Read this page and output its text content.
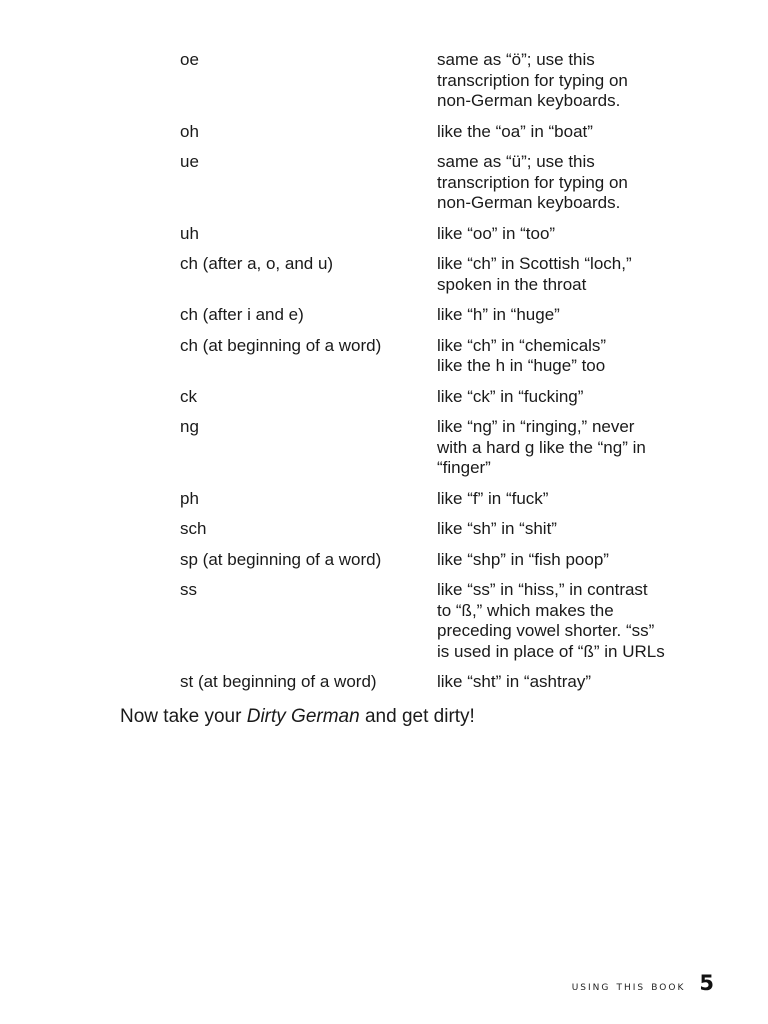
oe	same as “ö”; use this
transcription for typing on
non-German keyboards.
oh	like the “oa” in “boat”
ue	same as “ü”; use this
transcription for typing on
non-German keyboards.
uh	like “oo” in “too”
ch (after a, o, and u)	like “ch” in Scottish “loch,”
spoken in the throat
ch (after i and e)	like “h” in “huge”
ch (at beginning of a word)	like “ch” in “chemicals”
like the h in “huge” too
ck	like “ck” in “fucking”
ng	like “ng” in “ringing,” never
with a hard g like the “ng” in
“finger”
ph	like “f” in “fuck”
sch	like “sh” in “shit”
sp (at beginning of a word)	like “shp” in “fish poop”
ss	like “ss” in “hiss,” in contrast
to “ß,” which makes the
preceding vowel shorter. “ss”
is used in place of “ß” in URLs
st (at beginning of a word)	like “sht” in “ashtray”

Now take your Dirty German and get dirty!

using this book 5
